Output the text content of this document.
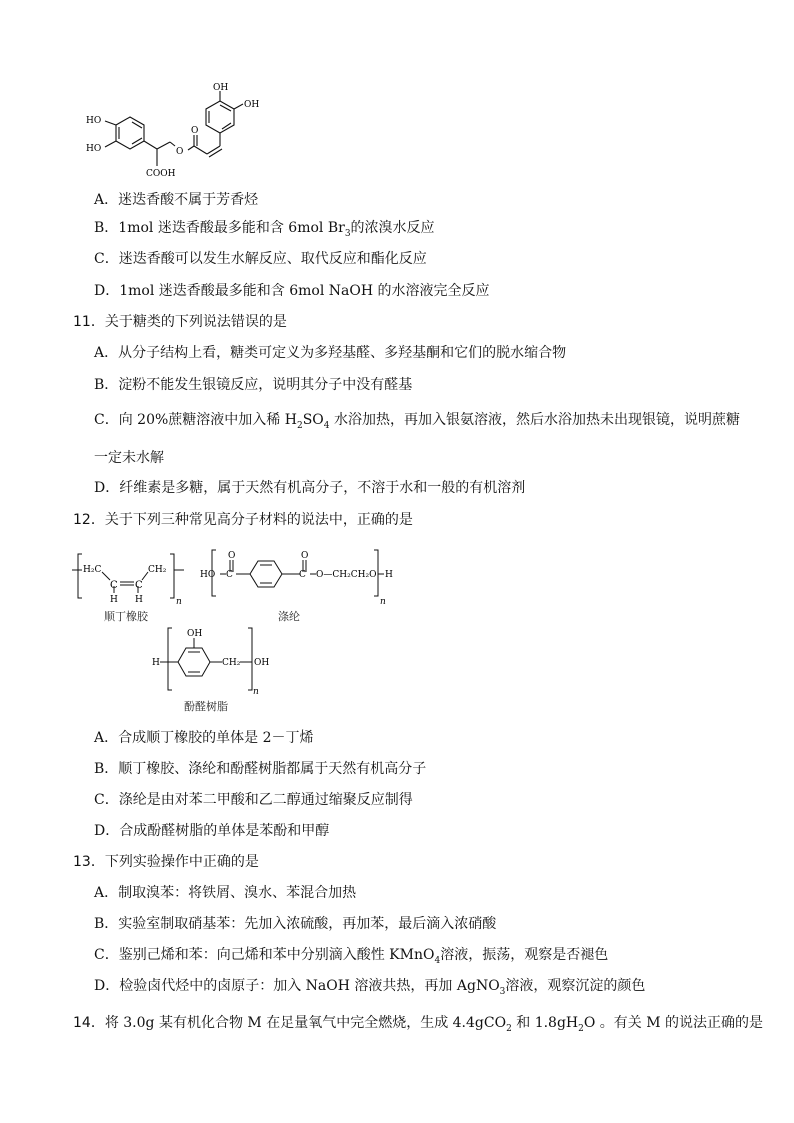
OH
OH
HO
HO	O
COOH
O
A．迷迭香酸不属于芳香烃
B．1mol 迷迭香酸最多能和含 6mol $Br_3$的浓溴水反应
C．迷迭香酸可以发生水解反应、取代反应和酯化反应
D．1mol 迷迭香酸最多能和含 6mol NaOH 的水溶液完全反应
11．关于糖类的下列说法错误的是
A．从分子结构上看，糖类可定义为多羟基醛、多羟基酮和它们的脱水缩合物
B．淀粉不能发生银镜反应，说明其分子中没有醛基
C．向 20%蔗糖溶液中加入稀 $H_2SO_4$ 水浴加热，再加入银氨溶液，然后水浴加热未出现银镜，说明蔗糖
一定未水解
D．纤维素是多糖，属于天然有机高分子，不溶于水和一般的有机溶剂
12．关于下列三种常见高分子材料的说法中，正确的是
H₂C	CH₂
C C
H H	n
顺丁橡胶
HO
O	O
C	C O—CH₂CH₂O H
n
涤纶
OH
H	CH₂ OH
n
酚醛树脂
A．合成顺丁橡胶的单体是 2－丁烯
B．顺丁橡胶、涤纶和酚醛树脂都属于天然有机高分子
C．涤纶是由对苯二甲酸和乙二醇通过缩聚反应制得
D．合成酚醛树脂的单体是苯酚和甲醇
13．下列实验操作中正确的是
A．制取溴苯：将铁屑、溴水、苯混合加热
B．实验室制取硝基苯：先加入浓硫酸，再加苯，最后滴入浓硝酸
C．鉴别己烯和苯：向己烯和苯中分别滴入酸性 KMnO$_4$溶液，振荡，观察是否褪色
D．检验卤代烃中的卤原子：加入 NaOH 溶液共热，再加 AgNO$_3$溶液，观察沉淀的颜色
14．将 3.0g 某有机化合物 M 在足量氧气中完全燃烧，生成 4.4gCO$_2$ 和 $1.8gH_2O$ 。有关 M 的说法正确的是
